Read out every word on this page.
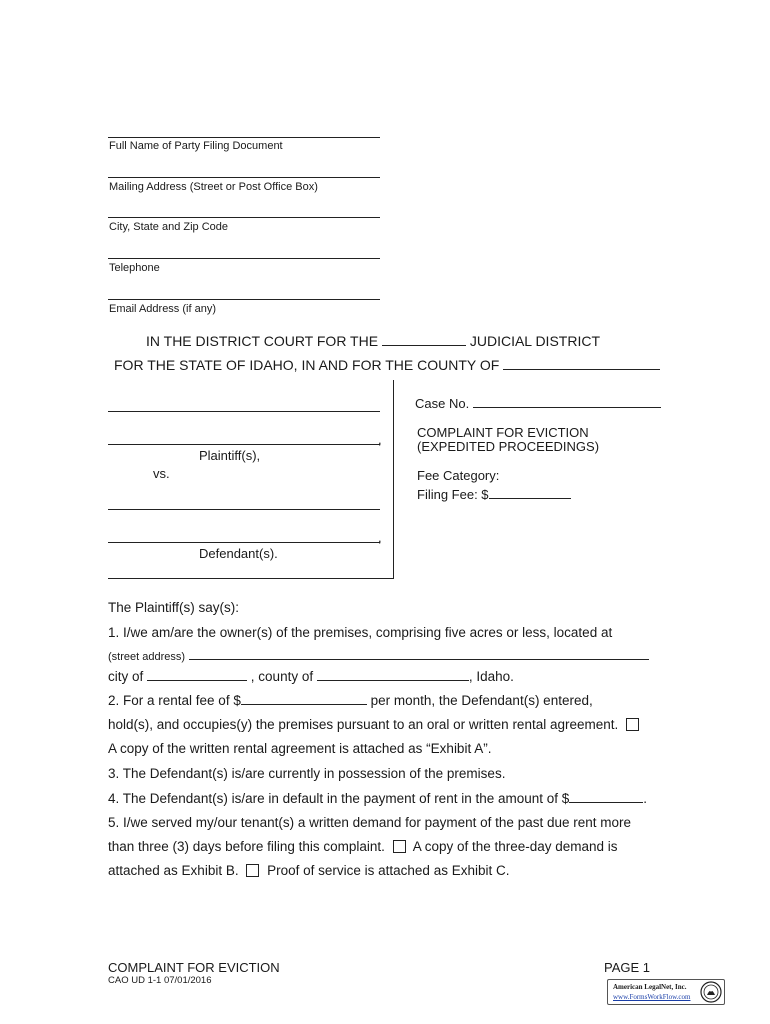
Full Name of Party Filing Document
Mailing Address (Street or Post Office Box)
City, State and Zip Code
Telephone
Email Address (if any)
IN THE DISTRICT COURT FOR THE	JUDICIAL DISTRICT
FOR THE STATE OF IDAHO, IN AND FOR THE COUNTY OF
,
Plaintiff(s),
vs.
,
Defendant(s).
Case No.
COMPLAINT FOR EVICTION
(EXPEDITED PROCEEDINGS)
Fee Category:
Filing Fee: $
The Plaintiff(s) say(s):
1. I/we am/are the owner(s) of the premises, comprising five acres or less, located at
(street address)
city of	, county of	, Idaho.
2. For a rental fee of $	per month, the Defendant(s) entered,
hold(s), and occupies(y) the premises pursuant to an oral or written rental agreement.
A copy of the written rental agreement is attached as “Exhibit A”.
3. The Defendant(s) is/are currently in possession of the premises.
4. The Defendant(s) is/are in default in the payment of rent in the amount of $	.
5. I/we served my/our tenant(s) a written demand for payment of the past due rent more
than three (3) days before filing this complaint. A copy of the three-day demand is
attached as Exhibit B. Proof of service is attached as Exhibit C.
COMPLAINT FOR EVICTION
CAO UD 1-1 07/01/2016
PAGE 1
American LegalNet, Inc.
www.FormsWorkFlow.com
